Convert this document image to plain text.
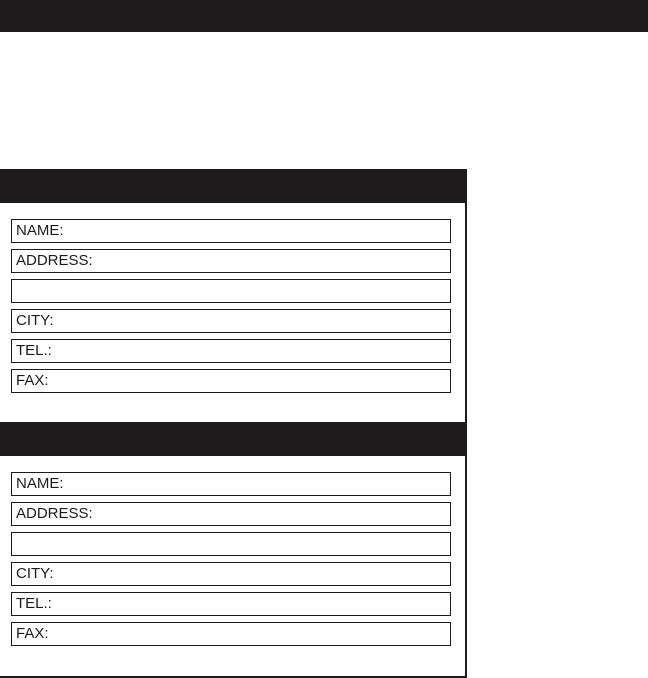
NAME:
ADDRESS:
CITY:
TEL.:
FAX:
NAME:
ADDRESS:
CITY:
TEL.:
FAX:
